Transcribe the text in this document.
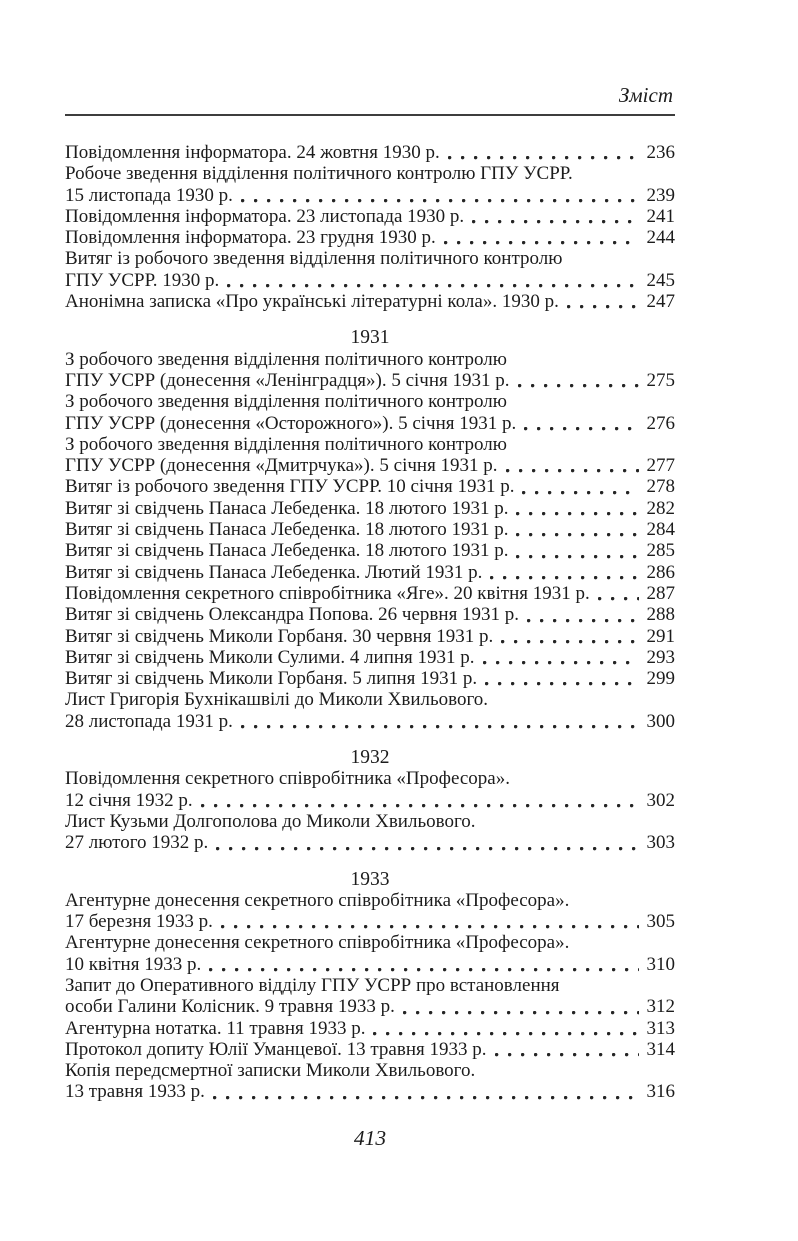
Зміст
Повідомлення інформатора. 24 жовтня 1930 р.	236
Робоче зведення відділення політичного контролю ГПУ УСРР.
15 листопада 1930 р.	239
Повідомлення інформатора. 23 листопада 1930 р.	241
Повідомлення інформатора. 23 грудня 1930 р.	244
Витяг із робочого зведення відділення політичного контролю
ГПУ УСРР. 1930 р.	245
Анонімна записка «Про українські літературні кола». 1930 р.	247
1931
З робочого зведення відділення політичного контролю
ГПУ УСРР (донесення «Ленінградця»). 5 січня 1931 р.	275
З робочого зведення відділення політичного контролю
ГПУ УСРР (донесення «Осторожного»). 5 січня 1931 р.	276
З робочого зведення відділення політичного контролю
ГПУ УСРР (донесення «Дмитрчука»). 5 січня 1931 р.	277
Витяг із робочого зведення ГПУ УСРР. 10 січня 1931 р.	278
Витяг зі свідчень Панаса Лебеденка. 18 лютого 1931 р.	282
Витяг зі свідчень Панаса Лебеденка. 18 лютого 1931 р.	284
Витяг зі свідчень Панаса Лебеденка. 18 лютого 1931 р.	285
Витяг зі свідчень Панаса Лебеденка. Лютий 1931 р.	286
Повідомлення секретного співробітника «Яге». 20 квітня 1931 р.	287
Витяг зі свідчень Олександра Попова. 26 червня 1931 р.	288
Витяг зі свідчень Миколи Горбаня. 30 червня 1931 р.	291
Витяг зі свідчень Миколи Сулими. 4 липня 1931 р.	293
Витяг зі свідчень Миколи Горбаня. 5 липня 1931 р.	299
Лист Григорія Бухнікашвілі до Миколи Хвильового.
28 листопада 1931 р.	300
1932
Повідомлення секретного співробітника «Професора».
12 січня 1932 р.	302
Лист Кузьми Долгополова до Миколи Хвильового.
27 лютого 1932 р.	303
1933
Агентурне донесення секретного співробітника «Професора».
17 березня 1933 р.	305
Агентурне донесення секретного співробітника «Професора».
10 квітня 1933 р.	310
Запит до Оперативного відділу ГПУ УСРР про встановлення
особи Галини Колісник. 9 травня 1933 р.	312
Агентурна нотатка. 11 травня 1933 р.	313
Протокол допиту Юлії Уманцевої. 13 травня 1933 р.	314
Копія передсмертної записки Миколи Хвильового.
13 травня 1933 р.	316
413
